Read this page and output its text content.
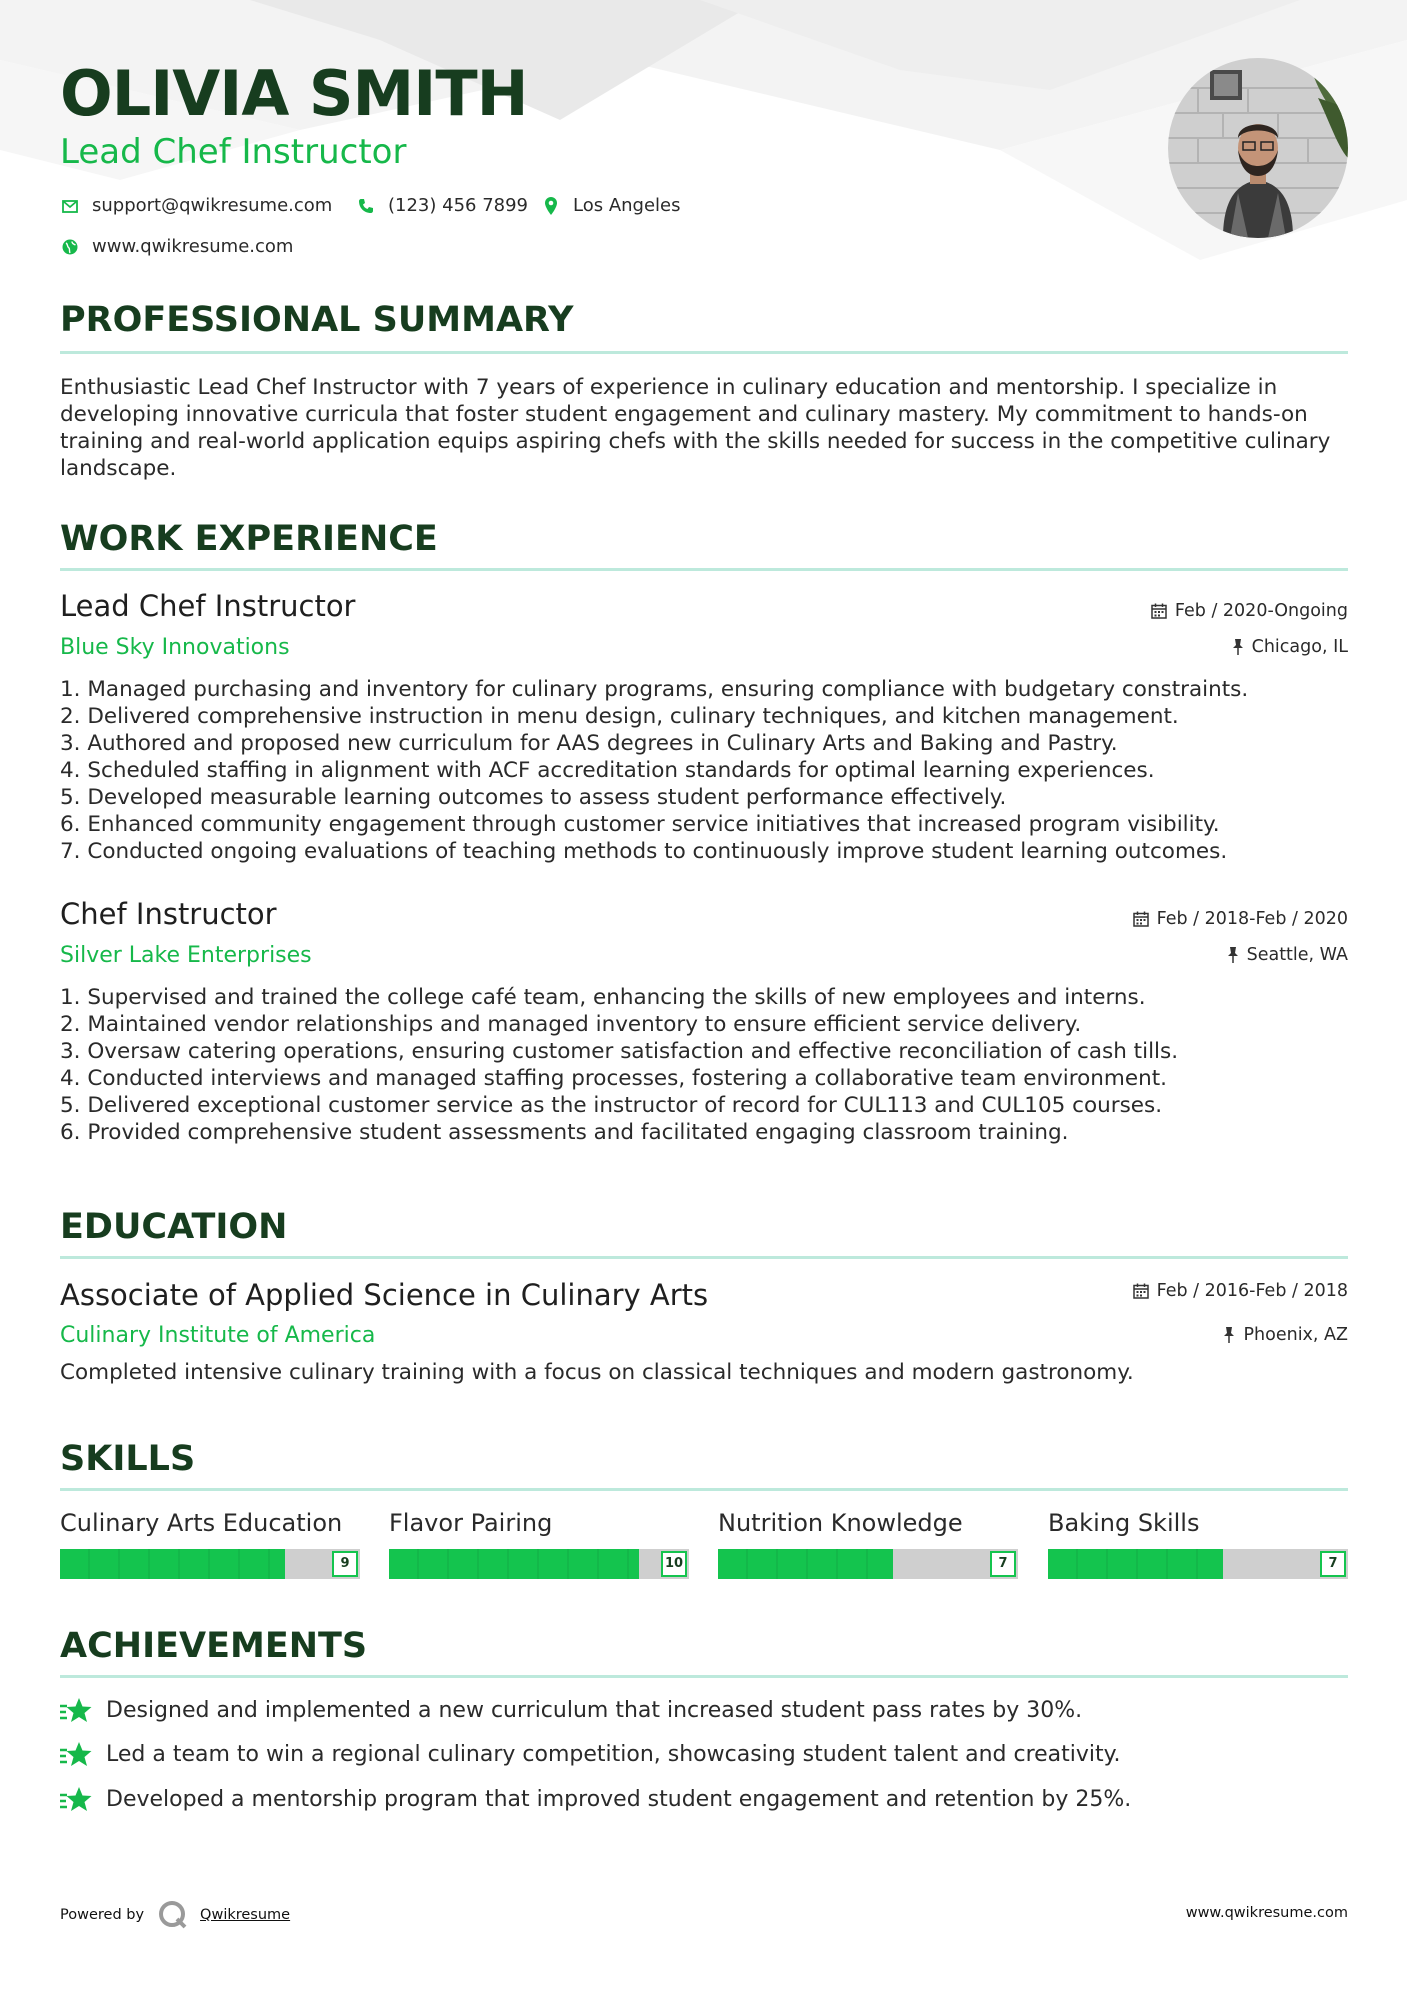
OLIVIA SMITH
Lead Chef Instructor
support@qwikresume.com	(123) 456 7899 Los Angeles
www.qwikresume.com
PROFESSIONAL SUMMARY
Enthusiastic Lead Chef Instructor with 7 years of experience in culinary education and mentorship. I specialize in developing innovative curricula that foster student engagement and culinary mastery. My commitment to hands-on training and real-world application equips aspiring chefs with the skills needed for success in the competitive culinary landscape.
WORK EXPERIENCE
Lead Chef Instructor	Feb / 2020-Ongoing
Blue Sky Innovations	Chicago, IL
1. Managed purchasing and inventory for culinary programs, ensuring compliance with budgetary constraints.
2. Delivered comprehensive instruction in menu design, culinary techniques, and kitchen management.
3. Authored and proposed new curriculum for AAS degrees in Culinary Arts and Baking and Pastry.
4. Scheduled staffing in alignment with ACF accreditation standards for optimal learning experiences.
5. Developed measurable learning outcomes to assess student performance effectively.
6. Enhanced community engagement through customer service initiatives that increased program visibility.
7. Conducted ongoing evaluations of teaching methods to continuously improve student learning outcomes.
Chef Instructor	Feb / 2018-Feb / 2020
Silver Lake Enterprises	Seattle, WA
1. Supervised and trained the college café team, enhancing the skills of new employees and interns.
2. Maintained vendor relationships and managed inventory to ensure efficient service delivery.
3. Oversaw catering operations, ensuring customer satisfaction and effective reconciliation of cash tills.
4. Conducted interviews and managed staffing processes, fostering a collaborative team environment.
5. Delivered exceptional customer service as the instructor of record for CUL113 and CUL105 courses.
6. Provided comprehensive student assessments and facilitated engaging classroom training.
EDUCATION
Associate of Applied Science in Culinary Arts	Feb / 2016-Feb / 2018
Culinary Institute of America	Phoenix, AZ
Completed intensive culinary training with a focus on classical techniques and modern gastronomy.
SKILLS
Culinary Arts Education
9
Flavor Pairing
10
Nutrition Knowledge
7
Baking Skills
7
ACHIEVEMENTS
Designed and implemented a new curriculum that increased student pass rates by 30%.
Led a team to win a regional culinary competition, showcasing student talent and creativity.
Developed a mentorship program that improved student engagement and retention by 25%.
Powered by	Qwikresume	www.qwikresume.com
